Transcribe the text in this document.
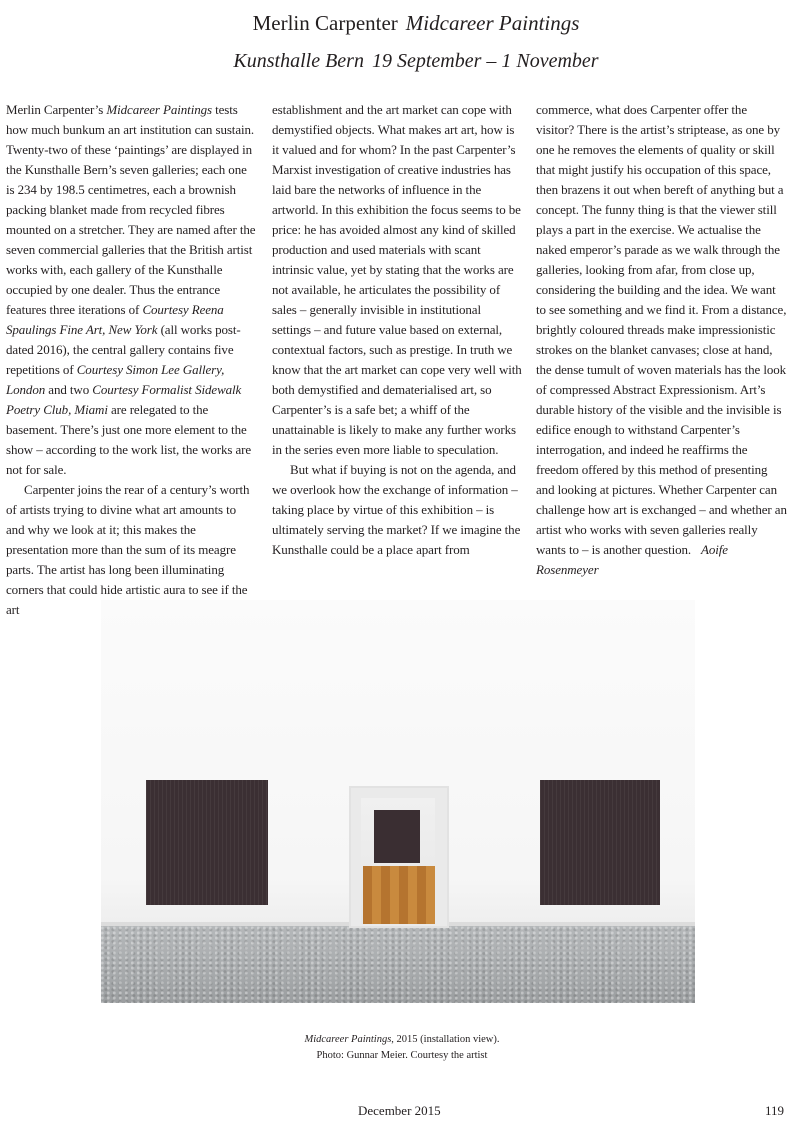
Merlin Carpenter Midcareer Paintings
Kunsthalle Bern 19 September – 1 November

Merlin Carpenter’s Midcareer Paintings tests how much bunkum an art institution can sustain. Twenty-two of these ‘paintings’ are displayed in the Kunsthalle Bern’s seven galleries; each one is 234 by 198.5 centimetres, each a brownish packing blanket made from recycled fibres mounted on a stretcher. They are named after the seven commercial galleries that the British artist works with, each gallery of the Kunsthalle occupied by one dealer. Thus the entrance features three iterations of Courtesy Reena Spaulings Fine Art, New York (all works post-dated 2016), the central gallery contains five repetitions of Courtesy Simon Lee Gallery, London and two Courtesy Formalist Sidewalk Poetry Club, Miami are relegated to the basement. There’s just one more element to the show – according to the work list, the works are not for sale.

Carpenter joins the rear of a century’s worth of artists trying to divine what art amounts to and why we look at it; this makes the presentation more than the sum of its meagre parts. The artist has long been illuminating corners that could hide artistic aura to see if the art

establishment and the art market can cope with demystified objects. What makes art art, how is it valued and for whom? In the past Carpenter’s Marxist investigation of creative industries has laid bare the networks of influence in the artworld. In this exhibition the focus seems to be price: he has avoided almost any kind of skilled production and used materials with scant intrinsic value, yet by stating that the works are not available, he articulates the possibility of sales – generally invisible in institutional settings – and future value based on external, contextual factors, such as prestige. In truth we know that the art market can cope very well with both demystified and dematerialised art, so Carpenter’s is a safe bet; a whiff of the unattainable is likely to make any further works in the series even more liable to speculation.

But what if buying is not on the agenda, and we overlook how the exchange of information – taking place by virtue of this exhibition – is ultimately serving the market? If we imagine the Kunsthalle could be a place apart from

commerce, what does Carpenter offer the visitor? There is the artist’s striptease, as one by one he removes the elements of quality or skill that might justify his occupation of this space, then brazens it out when bereft of anything but a concept. The funny thing is that the viewer still plays a part in the exercise. We actualise the naked emperor’s parade as we walk through the galleries, looking from afar, from close up, considering the building and the idea. We want to see something and we find it. From a distance, brightly coloured threads make impressionistic strokes on the blanket canvases; close at hand, the dense tumult of woven materials has the look of compressed Abstract Expressionism. Art’s durable history of the visible and the invisible is edifice enough to withstand Carpenter’s interrogation, and indeed he reaffirms the freedom offered by this method of presenting and looking at pictures. Whether Carpenter can challenge how art is exchanged – and whether an artist who works with seven galleries really wants to – is another question. Aoife Rosenmeyer

Midcareer Paintings, 2015 (installation view).
Photo: Gunnar Meier. Courtesy the artist
December 2015	119
